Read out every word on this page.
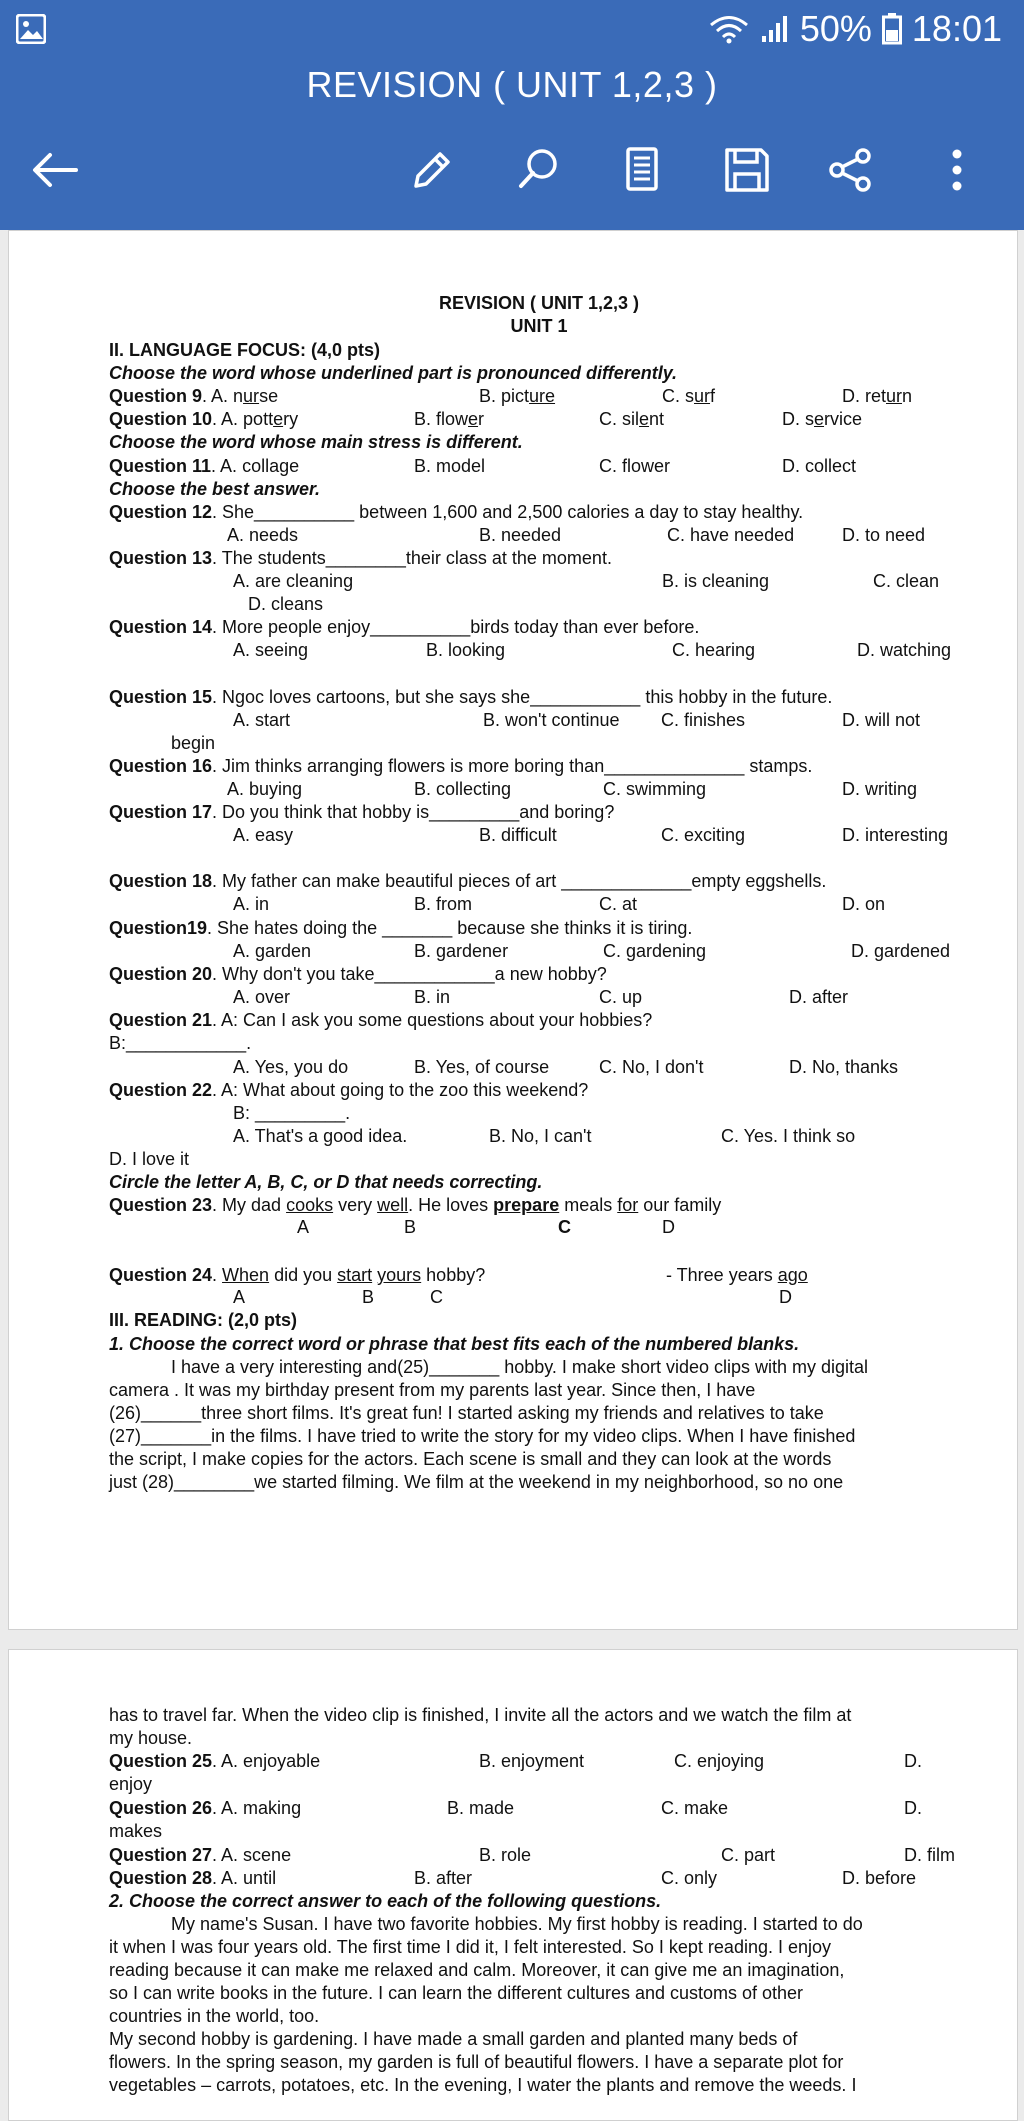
50% 18:01
REVISION ( UNIT 1,2,3 )
REVISION ( UNIT 1,2,3 )
UNIT 1
II. LANGUAGE FOCUS: (4,0 pts)
Choose the word whose underlined part is pronounced differently.
Question 9. A. nurse	B. picture	C. surf	D. return
Question 10. A. pottery	B. flower	C. silent	D. service
Choose the word whose main stress is different.
Question 11. A. collage	B. model	C. flower	D. collect
Choose the best answer.
Question 12. She__________ between 1,600 and 2,500 calories a day to stay healthy.
A. needs	B. needed	C. have needed	D. to need
Question 13. The students________their class at the moment.
A. are cleaning	B. is cleaning	C. clean
D. cleans
Question 14. More people enjoy__________birds today than ever before.
A. seeing	B. looking	C. hearing	D. watching
Question 15. Ngoc loves cartoons, but she says she___________ this hobby in the future.
A. start	B. won't continue C. finishes	D. will not
begin
Question 16. Jim thinks arranging flowers is more boring than______________ stamps.
A. buying	B. collecting	C. swimming	D. writing
Question 17. Do you think that hobby is_________and boring?
A. easy	B. difficult	C. exciting	D. interesting
Question 18. My father can make beautiful pieces of art _____________empty eggshells.
A. in	B. from	C. at	D. on
Question19. She hates doing the _______ because she thinks it is tiring.
A. garden	B. gardener	C. gardening	D. gardened
Question 20. Why don't you take____________a new hobby?
A. over	B. in	C. up	D. after
Question 21. A: Can I ask you some questions about your hobbies?
B:____________.
A. Yes, you do	B. Yes, of course	C. No, I don't	D. No, thanks
Question 22. A: What about going to the zoo this weekend?
B: _________.
A. That's a good idea.	B. No, I can't	C. Yes. I think so
D. I love it
Circle the letter A, B, C, or D that needs correcting.
Question 23. My dad cooks very well. He loves prepare meals for our family
A	B	C	D
Question 24. When did you start yours hobby?	- Three years ago
A	B	C	D
III. READING: (2,0 pts)
1. Choose the correct word or phrase that best fits each of the numbered blanks.
I have a very interesting and(25)_______ hobby. I make short video clips with my digital
camera . It was my birthday present from my parents last year. Since then, I have
(26)______three short films. It's great fun! I started asking my friends and relatives to take
(27)_______in the films. I have tried to write the story for my video clips. When I have finished
the script, I make copies for the actors. Each scene is small and they can look at the words
just (28)________we started filming. We film at the weekend in my neighborhood, so no one
has to travel far. When the video clip is finished, I invite all the actors and we watch the film at
my house.
Question 25. A. enjoyable	B. enjoyment	C. enjoying	D.
enjoy
Question 26. A. making	B. made	C. make	D.
makes
Question 27. A. scene	B. role	C. part	D. film
Question 28. A. until	B. after	C. only	D. before
2. Choose the correct answer to each of the following questions.
My name's Susan. I have two favorite hobbies. My first hobby is reading. I started to do
it when I was four years old. The first time I did it, I felt interested. So I kept reading. I enjoy
reading because it can make me relaxed and calm. Moreover, it can give me an imagination,
so I can write books in the future. I can learn the different cultures and customs of other
countries in the world, too.
My second hobby is gardening. I have made a small garden and planted many beds of
flowers. In the spring season, my garden is full of beautiful flowers. I have a separate plot for
vegetables – carrots, potatoes, etc. In the evening, I water the plants and remove the weeds. I
